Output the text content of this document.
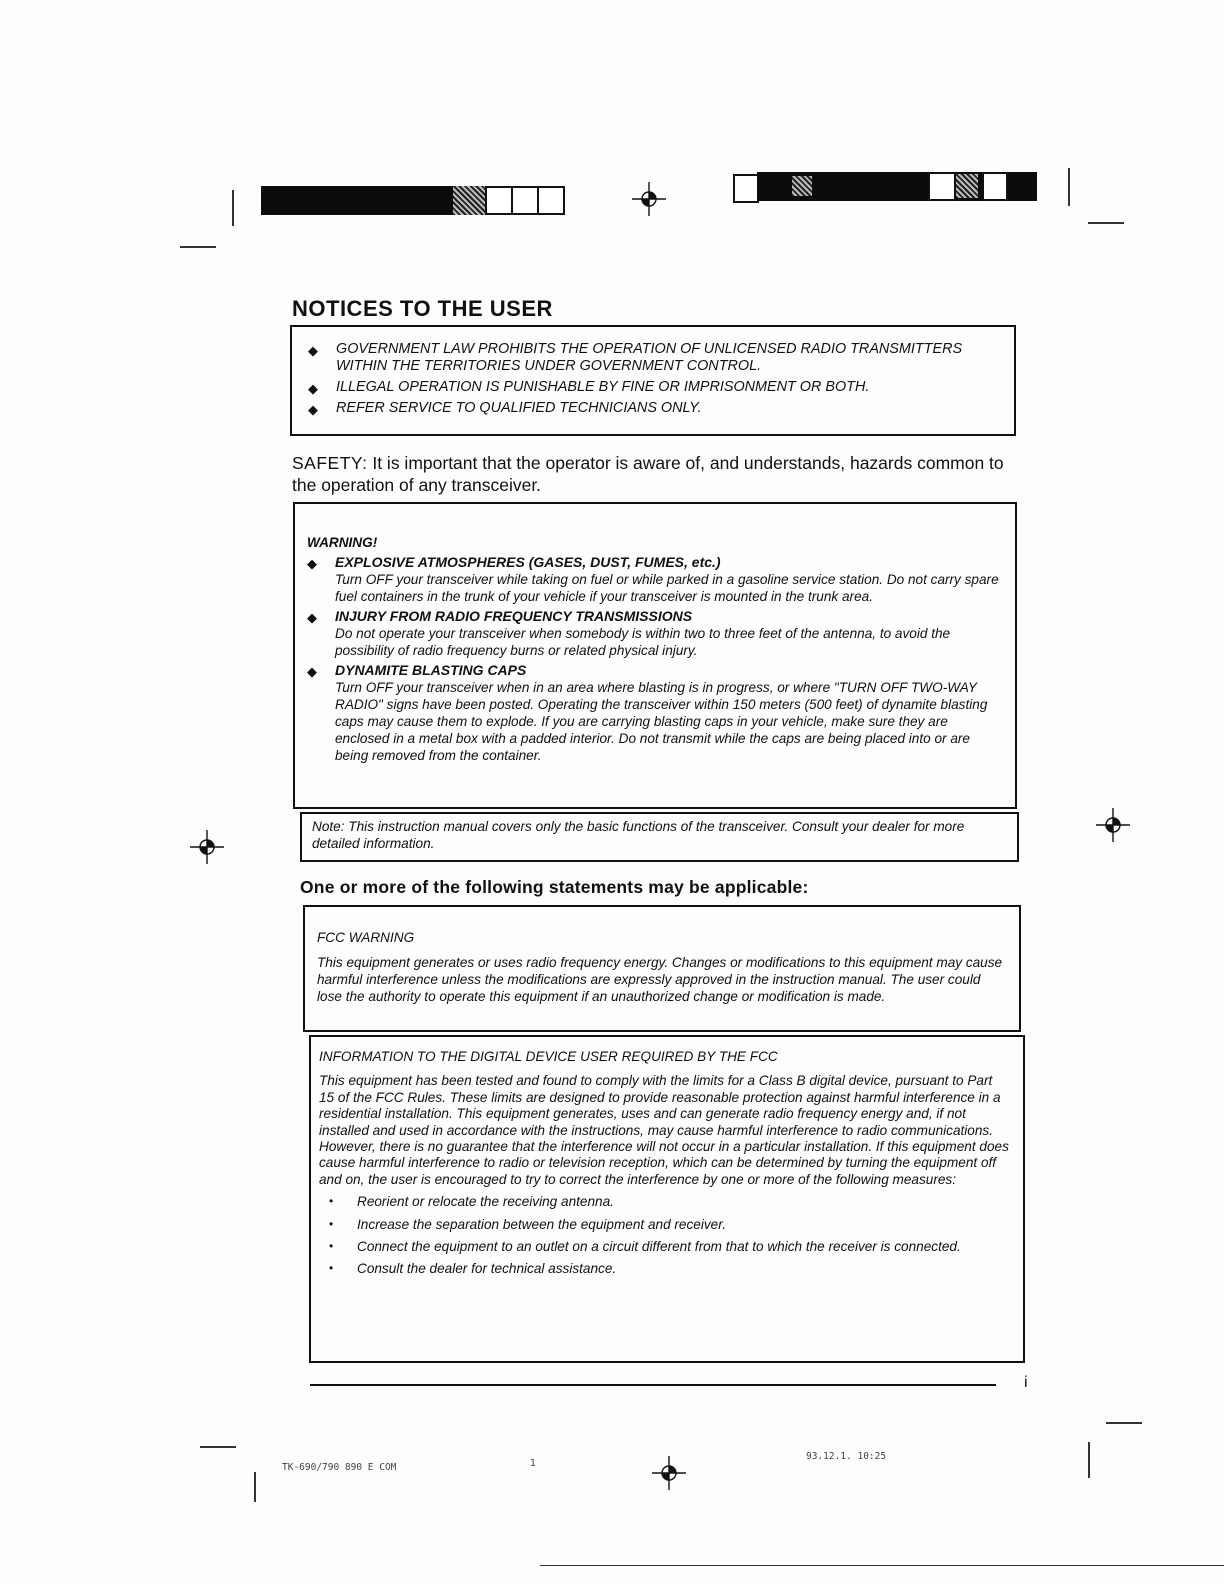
NOTICES TO THE USER
◆ GOVERNMENT LAW PROHIBITS THE OPERATION OF UNLICENSED RADIO TRANSMITTERS WITHIN THE TERRITORIES UNDER GOVERNMENT CONTROL.
◆ ILLEGAL OPERATION IS PUNISHABLE BY FINE OR IMPRISONMENT OR BOTH.
◆ REFER SERVICE TO QUALIFIED TECHNICIANS ONLY.
SAFETY: It is important that the operator is aware of, and understands, hazards common to the operation of any transceiver.
WARNING!
◆ EXPLOSIVE ATMOSPHERES (GASES, DUST, FUMES, etc.)
Turn OFF your transceiver while taking on fuel or while parked in a gasoline service station. Do not carry spare fuel containers in the trunk of your vehicle if your transceiver is mounted in the trunk area.
◆ INJURY FROM RADIO FREQUENCY TRANSMISSIONS
Do not operate your transceiver when somebody is within two to three feet of the antenna, to avoid the possibility of radio frequency burns or related physical injury.
◆ DYNAMITE BLASTING CAPS
Turn OFF your transceiver when in an area where blasting is in progress, or where "TURN OFF TWO-WAY RADIO" signs have been posted. Operating the transceiver within 150 meters (500 feet) of dynamite blasting caps may cause them to explode. If you are carrying blasting caps in your vehicle, make sure they are enclosed in a metal box with a padded interior. Do not transmit while the caps are being placed into or are being removed from the container.
Note: This instruction manual covers only the basic functions of the transceiver. Consult your dealer for more detailed information.
One or more of the following statements may be applicable:
FCC WARNING
This equipment generates or uses radio frequency energy. Changes or modifications to this equipment may cause harmful interference unless the modifications are expressly approved in the instruction manual. The user could lose the authority to operate this equipment if an unauthorized change or modification is made.
INFORMATION TO THE DIGITAL DEVICE USER REQUIRED BY THE FCC
This equipment has been tested and found to comply with the limits for a Class B digital device, pursuant to Part 15 of the FCC Rules. These limits are designed to provide reasonable protection against harmful interference in a residential installation. This equipment generates, uses and can generate radio frequency energy and, if not installed and used in accordance with the instructions, may cause harmful interference to radio communications. However, there is no guarantee that the interference will not occur in a particular installation. If this equipment does cause harmful interference to radio or television reception, which can be determined by turning the equipment off and on, the user is encouraged to try to correct the interference by one or more of the following measures:
• Reorient or relocate the receiving antenna.
• Increase the separation between the equipment and receiver.
• Connect the equipment to an outlet on a circuit different from that to which the receiver is connected.
• Consult the dealer for technical assistance.
i
TK-690/790 890 E COM	1
93.12.1. 10:25
